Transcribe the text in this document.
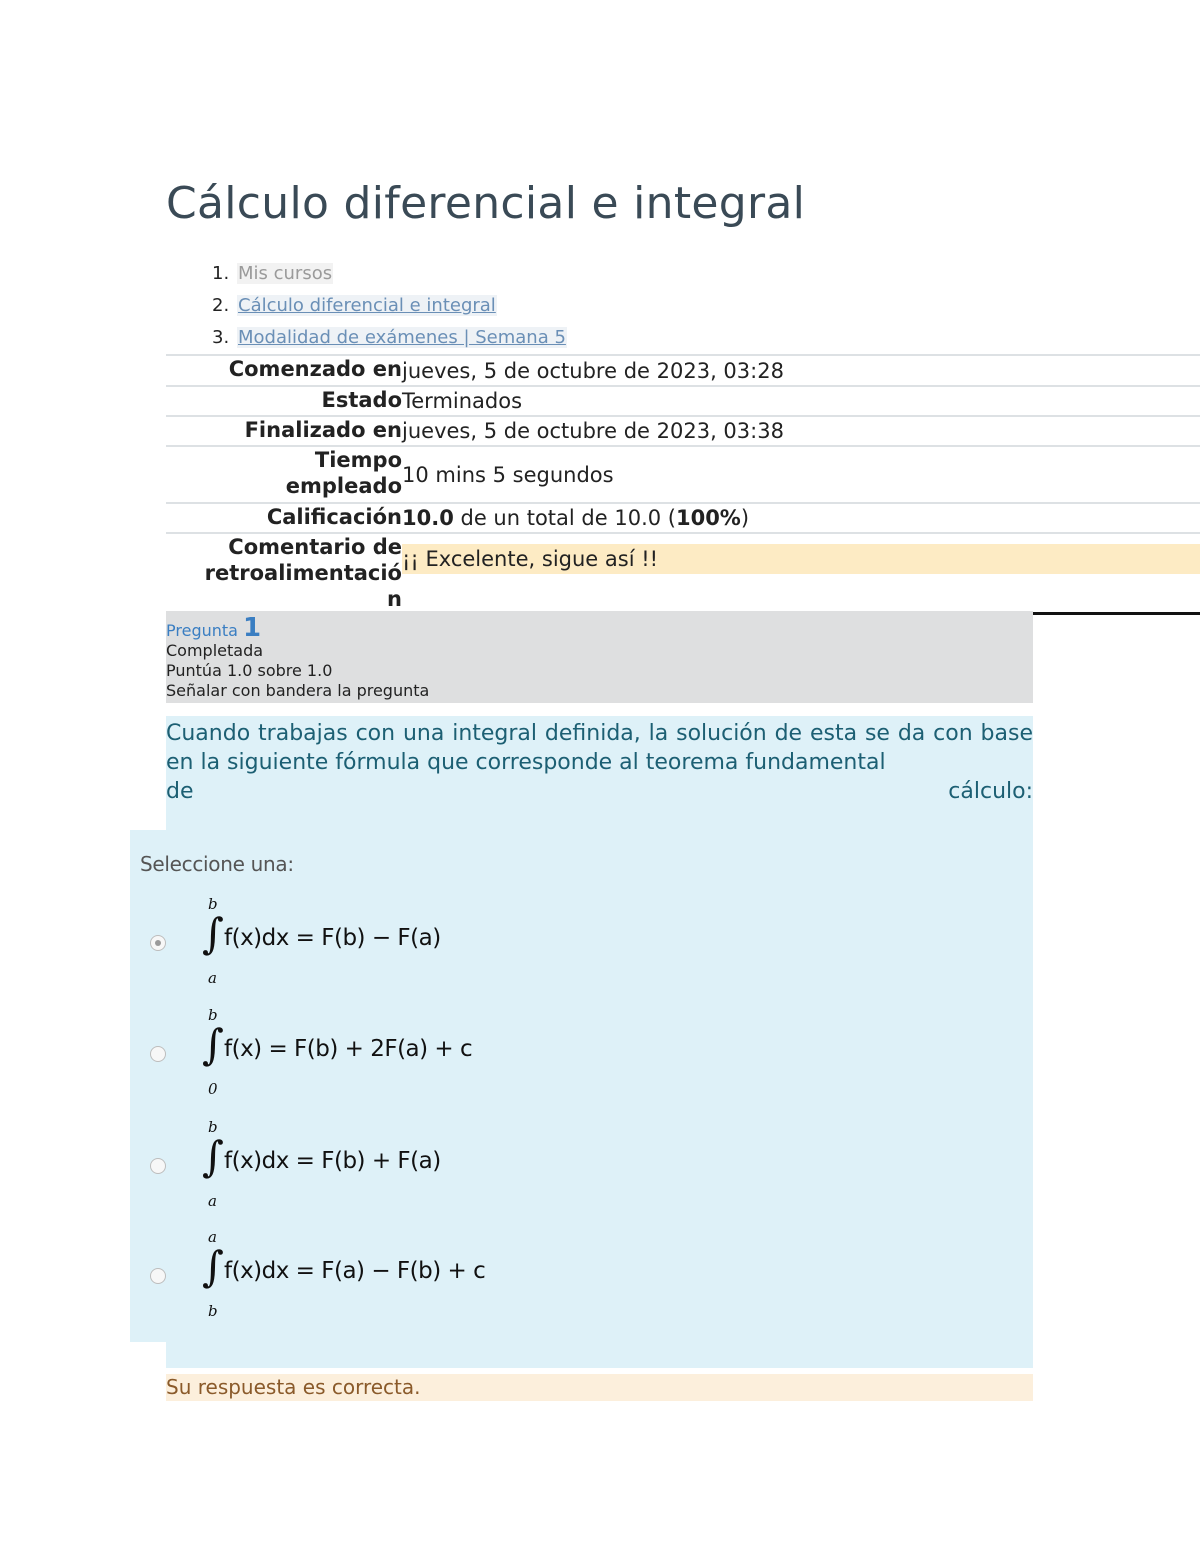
Cálculo diferencial e integral
1. Mis cursos
2. Cálculo diferencial e integral
3. Modalidad de exámenes | Semana 5
Comenzado en jueves, 5 de octubre de 2023, 03:28
Estado Terminados
Finalizado en jueves, 5 de octubre de 2023, 03:38
Tiempo
empleado 10 mins 5 segundos
Calificación 10.0 de un total de 10.0 ( 100% )
Comentario de
retroalimentació
n
¡¡ Excelente, sigue así !!
Pregunta 1
Completada
Puntúa 1.0 sobre 1.0
Señalar con bandera la pregunta
Cuando trabajas con una integral definida, la solución de esta se da con base en la siguiente fórmula que corresponde al teorema fundamental
de	cálculo:
Seleccione una:
b
∫ f(x)dx = F(b) − F(a)
a
b
∫ f(x) = F(b) + 2F(a) + c
0
b
∫ f(x)dx = F(b) + F(a)
a
a
∫ f(x)dx = F(a) − F(b) + c
b
Su respuesta es correcta.
